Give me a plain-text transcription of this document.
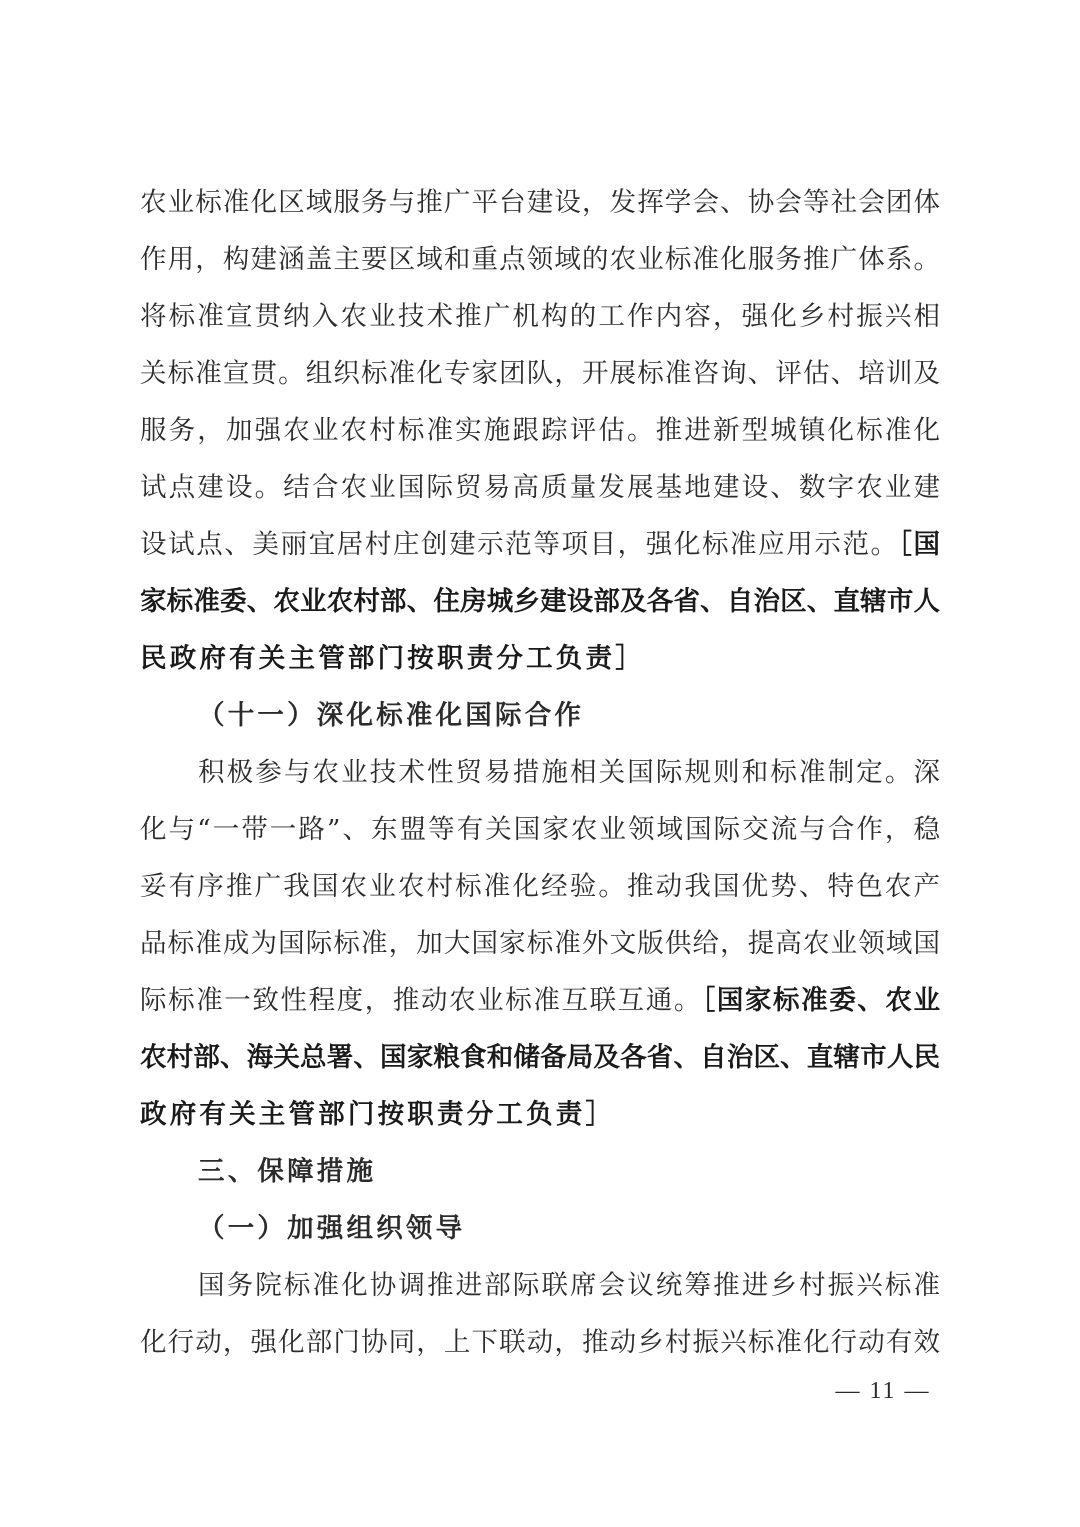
农业标准化区域服务与推广平台建设，发挥学会、协会等社会团体
作用，构建涵盖主要区域和重点领域的农业标准化服务推广体系。
将标准宣贯纳入农业技术推广机构的工作内容，强化乡村振兴相
关标准宣贯。组织标准化专家团队，开展标准咨询、评估、培训及
服务，加强农业农村标准实施跟踪评估。推进新型城镇化标准化
试点建设。结合农业国际贸易高质量发展基地建设、数字农业建
设试点、美丽宜居村庄创建示范等项目，强化标准应用示范。［国
家标准委、农业农村部、住房城乡建设部及各省、自治区、直辖市人
民政府有关主管部门按职责分工负责］
（十一）深化标准化国际合作
积极参与农业技术性贸易措施相关国际规则和标准制定。深
化与“一带一路”、东盟等有关国家农业领域国际交流与合作，稳
妥有序推广我国农业农村标准化经验。推动我国优势、特色农产
品标准成为国际标准，加大国家标准外文版供给，提高农业领域国
际标准一致性程度，推动农业标准互联互通。［国家标准委、农业
农村部、海关总署、国家粮食和储备局及各省、自治区、直辖市人民
政府有关主管部门按职责分工负责］
三、保障措施
（一）加强组织领导
国务院标准化协调推进部际联席会议统筹推进乡村振兴标准
化行动，强化部门协同，上下联动，推动乡村振兴标准化行动有效
— 11 —
